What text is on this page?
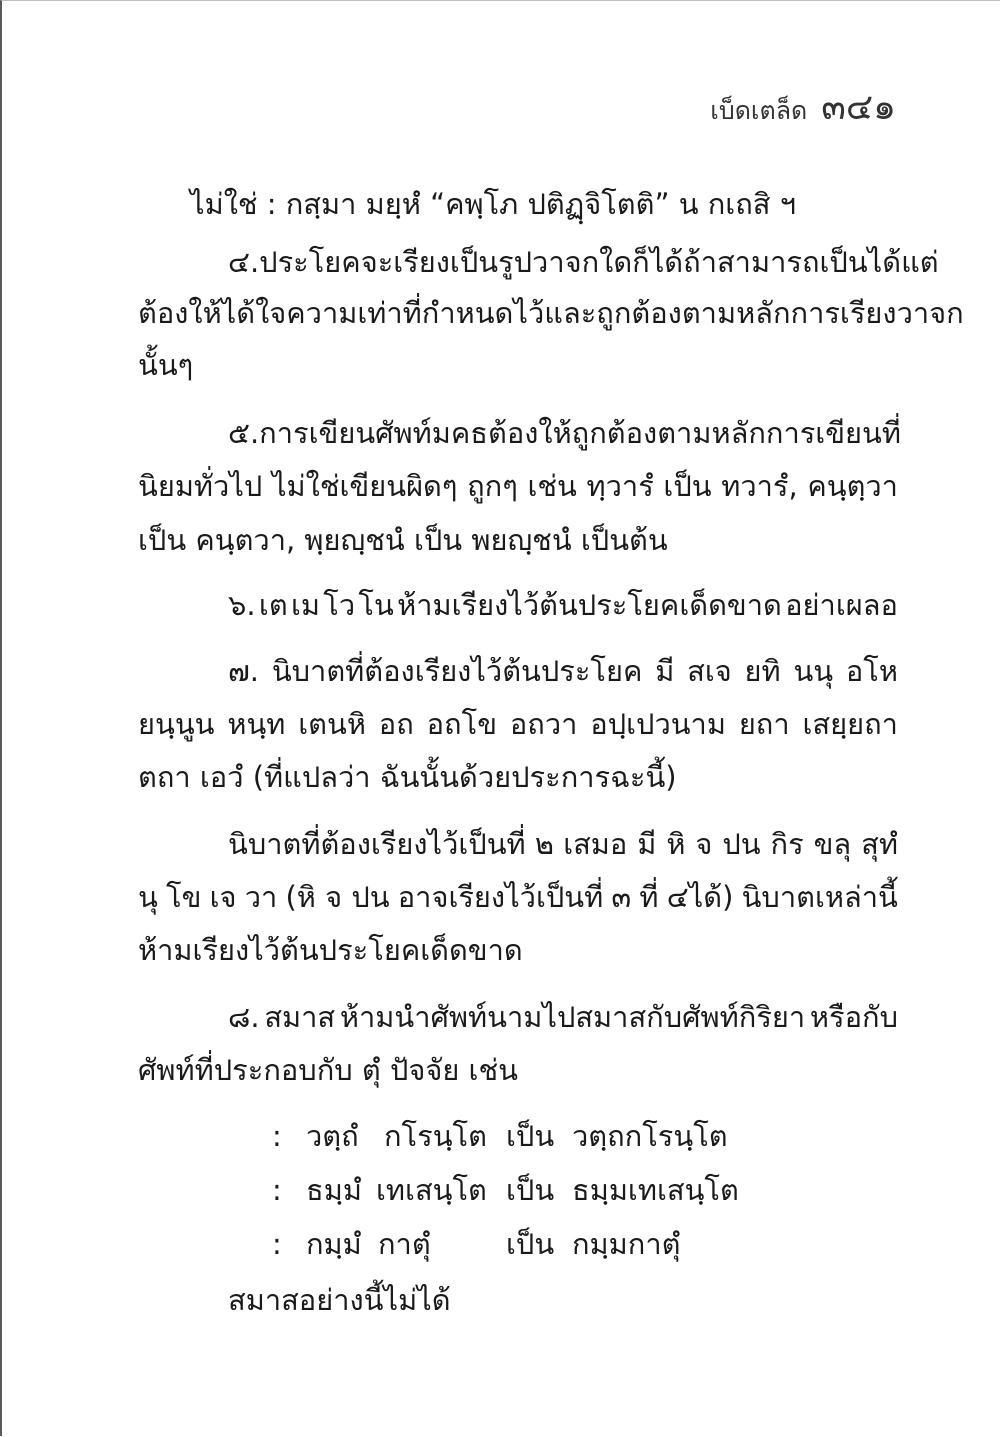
เบ็ดเตล็ด ๓๔๑
ไม่ใช่ : กสฺมา มยฺหํ “คพฺโภ ปติฏฺจิโตติ” น กเถสิ ฯ
๔. ประโยคจะเรียงเป็นรูปวาจกใดก็ได้ ถ้าสามารถเป็นได้ แต่
ต้องให้ได้ใจความเท่าที่กำหนดไว้ และถูกต้องตามหลักการเรียงวาจก
นั้นๆ
๕. การเขียนศัพท์มคธ ต้องให้ถูกต้องตามหลักการเขียนที่
นิยมทั่วไป ไม่ใช่เขียนผิดๆ ถูกๆ เช่น ทฺวารํ เป็น ทวารํ, คนฺตฺวา
เป็น คนฺตวา, พฺยญฺชนํ เป็น พยญฺชนํ เป็นต้น
๖. เต เม โว โน ห้ามเรียงไว้ต้นประโยคเด็ดขาด อย่าเผลอ
๗. นิบาตที่ต้องเรียงไว้ต้นประโยค มี สเจ ยทิ นนุ อโห
ยนฺนูน หนฺท เตนหิ อถ อถโข อถวา อปฺเปวนาม ยถา เสยฺยถา
ตถา เอวํ (ที่แปลว่า ฉันนั้นด้วยประการฉะนี้)
นิบาตที่ต้องเรียงไว้เป็นที่ ๒ เสมอ มี หิ จ ปน กิร ขลุ สุทํ
นุ โข เจ วา (หิ จ ปน อาจเรียงไว้เป็นที่ ๓ ที่ ๔ได้) นิบาตเหล่านี้
ห้ามเรียงไว้ต้นประโยคเด็ดขาด
๘. สมาส ห้ามนำศัพท์นามไปสมาสกับศัพท์กิริยา หรือกับ
ศัพท์ที่ประกอบกับ ตุํ ปัจจัย เช่น
: วตฺถํ กโรนฺโต เป็น วตฺถกโรนฺโต
: ธมฺมํ เทเสนฺโต เป็น ธมฺมเทเสนฺโต
: กมฺมํ กาตุํ	เป็น กมฺมกาตุํ
สมาสอย่างนี้ไม่ได้
